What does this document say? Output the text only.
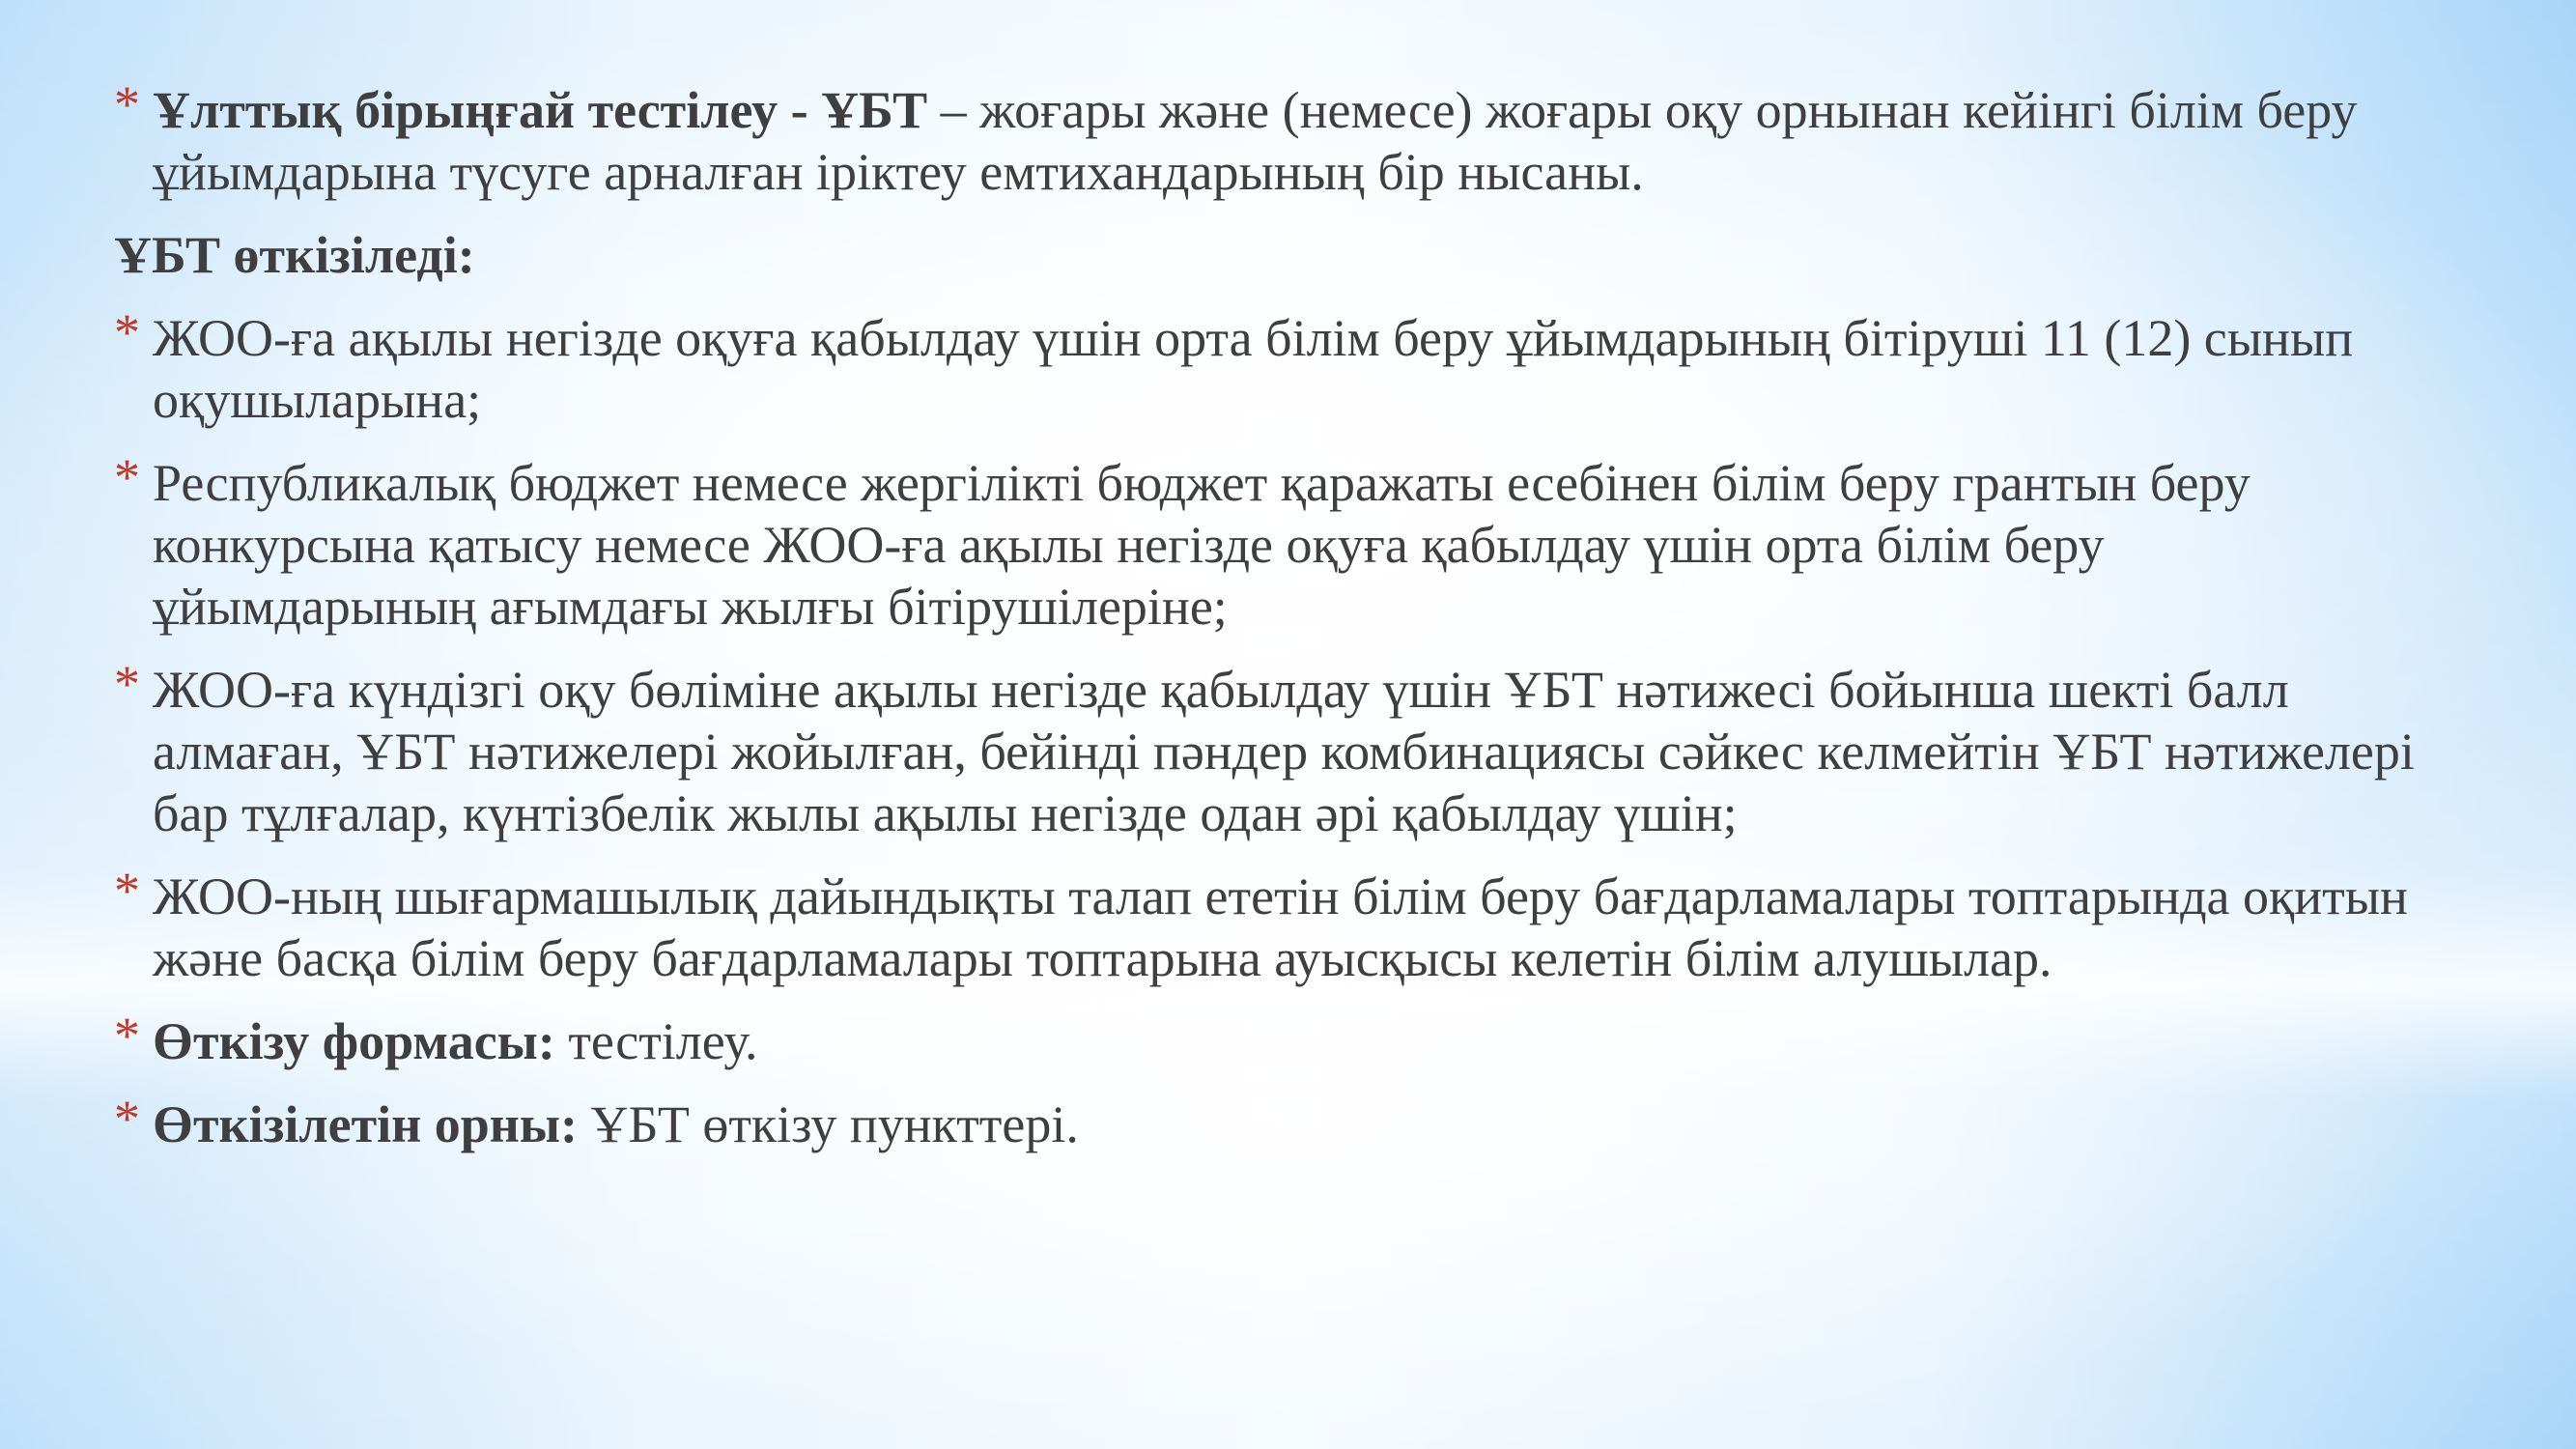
* Ұлттық бірыңғай тестілеу - ҰБТ – жоғары және (немесе) жоғары оқу орнынан кейінгі білім беру ұйымдарына түсуге арналған іріктеу емтихандарының бір нысаны.
ҰБТ өткізіледі:
* ЖОО-ға ақылы негізде оқуға қабылдау үшін орта білім беру ұйымдарының бітіруші 11 (12) сынып оқушыларына;
* Республикалық бюджет немесе жергілікті бюджет қаражаты есебінен білім беру грантын беру конкурсына қатысу немесе ЖОО-ға ақылы негізде оқуға қабылдау үшін орта білім беру ұйымдарының ағымдағы жылғы бітірушілеріне;
* ЖОО-ға күндізгі оқу бөліміне ақылы негізде қабылдау үшін ҰБТ нәтижесі бойынша шекті балл алмаған, ҰБТ нәтижелері жойылған, бейінді пәндер комбинациясы сәйкес келмейтін ҰБТ нәтижелері бар тұлғалар, күнтізбелік жылы ақылы негізде одан әрі қабылдау үшін;
* ЖОО-ның шығармашылық дайындықты талап ететін білім беру бағдарламалары топтарында оқитын және басқа білім беру бағдарламалары топтарына ауысқысы келетін білім алушылар.
* Өткізу формасы: тестілеу.
* Өткізілетін орны: ҰБТ өткізу пункттері.
